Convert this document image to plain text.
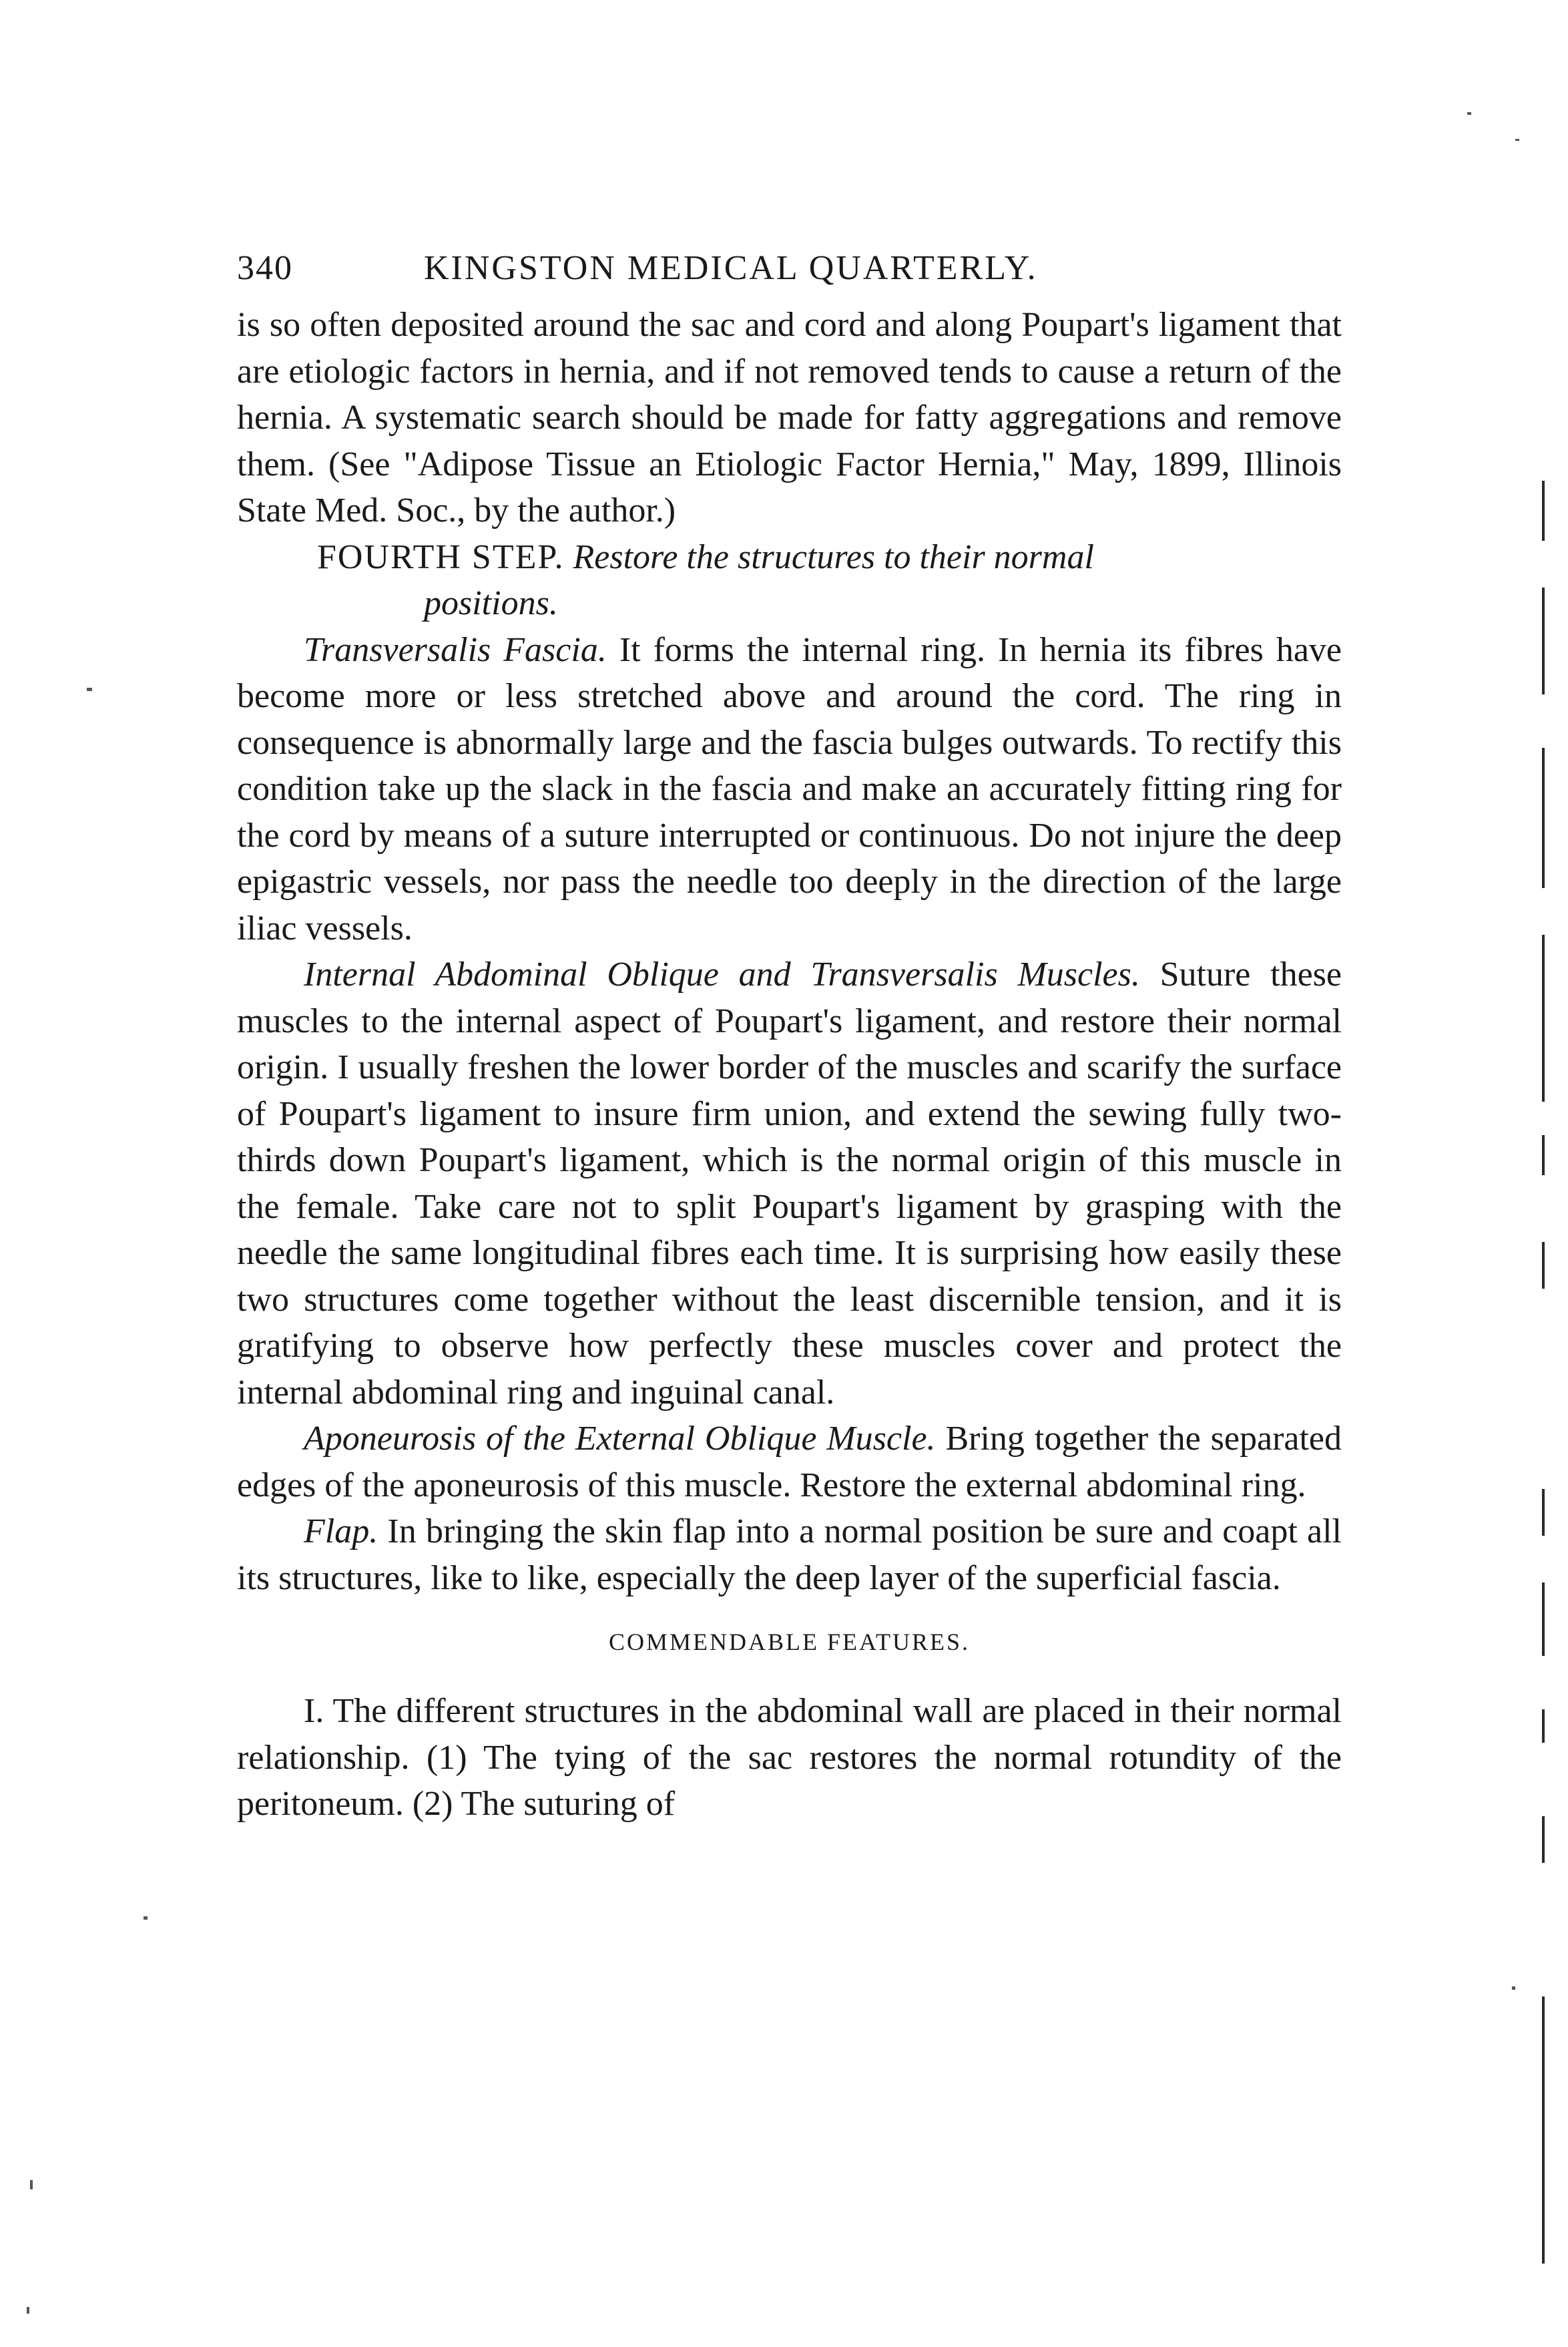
340	KINGSTON MEDICAL QUARTERLY.

is so often deposited around the sac and cord and along Poupart's ligament that are etiologic factors in hernia, and if not removed tends to cause a return of the hernia. A systematic search should be made for fatty aggregations and remove them. (See "Adipose Tissue an Etiologic Factor Hernia," May, 1899, Illinois State Med. Soc., by the author.)

FOURTH STEP. Restore the structures to their normal
positions.

Transversalis Fascia. It forms the internal ring. In hernia its fibres have become more or less stretched above and around the cord. The ring in consequence is abnormally large and the fascia bulges outwards. To rectify this condition take up the slack in the fascia and make an accurately fitting ring for the cord by means of a suture interrupted or continuous. Do not injure the deep epigastric vessels, nor pass the needle too deeply in the direction of the large iliac vessels.

Internal Abdominal Oblique and Transversalis Muscles. Suture these muscles to the internal aspect of Poupart's ligament, and restore their normal origin. I usually freshen the lower border of the muscles and scarify the surface of Poupart's ligament to insure firm union, and extend the sewing fully two-thirds down Poupart's ligament, which is the normal origin of this muscle in the female. Take care not to split Poupart's ligament by grasping with the needle the same longitudinal fibres each time. It is surprising how easily these two structures come together without the least discernible tension, and it is gratifying to observe how perfectly these muscles cover and protect the internal abdominal ring and inguinal canal.

Aponeurosis of the External Oblique Muscle. Bring together the separated edges of the aponeurosis of this muscle. Restore the external abdominal ring.

Flap. In bringing the skin flap into a normal position be sure and coapt all its structures, like to like, especially the deep layer of the superficial fascia.

COMMENDABLE FEATURES.

I. The different structures in the abdominal wall are placed in their normal relationship. (1) The tying of the sac restores the normal rotundity of the peritoneum. (2) The suturing of
